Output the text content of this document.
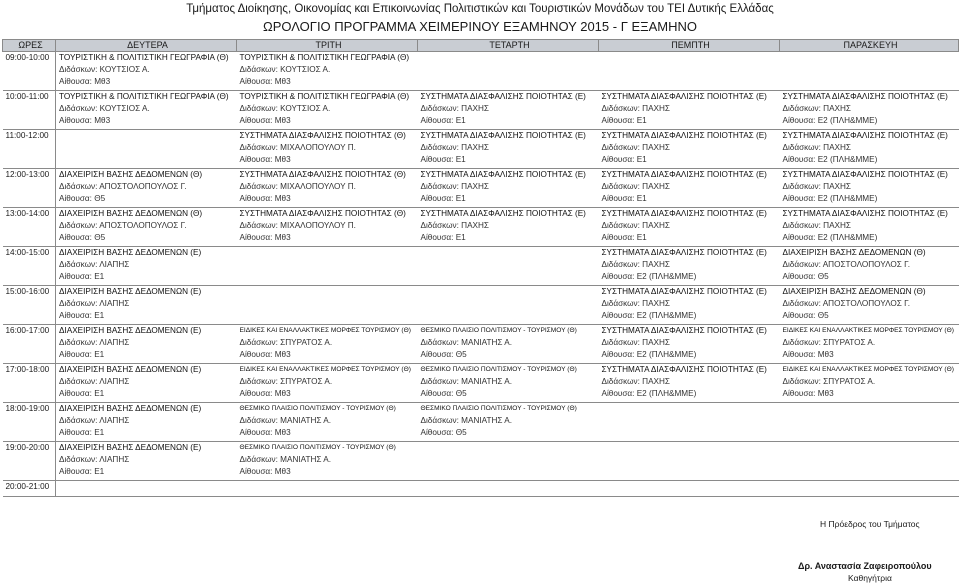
Τμήματος Διοίκησης, Οικονομίας και Επικοινωνίας Πολιτιστικών και Τουριστικών Μονάδων του ΤΕΙ Δυτικής Ελλάδας
ΩΡΟΛΟΓΙΟ ΠΡΟΓΡΑΜΜΑ ΧΕΙΜΕΡΙΝΟΥ ΕΞΑΜΗΝΟΥ 2015 - Γ ΕΞΑΜΗΝΟ
ΩΡΕΣ	ΔΕΥΤΕΡΑ	ΤΡΙΤΗ	ΤΕΤΑΡΤΗ	ΠΕΜΠΤΗ	ΠΑΡΑΣΚΕΥΗ
09:00-10:00	ΤΟΥΡΙΣΤΙΚΗ & ΠΟΛΙΤΙΣΤΙΚΗ ΓΕΩΓΡΑΦΙΑ (Θ)
Διδάσκων: ΚΟΥΤΣΙΟΣ Α.
Αίθουσα: Μθ3	ΤΟΥΡΙΣΤΙΚΗ & ΠΟΛΙΤΙΣΤΙΚΗ ΓΕΩΓΡΑΦΙΑ (Θ)
Διδάσκων: ΚΟΥΤΣΙΟΣ Α.
Αίθουσα: Μθ3			

10:00-11:00	ΤΟΥΡΙΣΤΙΚΗ & ΠΟΛΙΤΙΣΤΙΚΗ ΓΕΩΓΡΑΦΙΑ (Θ)
Διδάσκων: ΚΟΥΤΣΙΟΣ Α.
Αίθουσα: Μθ3	ΤΟΥΡΙΣΤΙΚΗ & ΠΟΛΙΤΙΣΤΙΚΗ ΓΕΩΓΡΑΦΙΑ (Θ)
Διδάσκων: ΚΟΥΤΣΙΟΣ Α.
Αίθουσα: Μθ3	ΣΥΣΤΗΜΑΤΑ ΔΙΑΣΦΑΛΙΣΗΣ ΠΟΙΟΤΗΤΑΣ (Ε)
Διδάσκων: ΠΑΧΗΣ
Αίθουσα: Ε1	ΣΥΣΤΗΜΑΤΑ ΔΙΑΣΦΑΛΙΣΗΣ ΠΟΙΟΤΗΤΑΣ (Ε)
Διδάσκων: ΠΑΧΗΣ
Αίθουσα: Ε1	ΣΥΣΤΗΜΑΤΑ ΔΙΑΣΦΑΛΙΣΗΣ ΠΟΙΟΤΗΤΑΣ (Ε)
Διδάσκων: ΠΑΧΗΣ
Αίθουσα: Ε2 (ΠΛΗ&ΜΜΕ)

11:00-12:00		ΣΥΣΤΗΜΑΤΑ ΔΙΑΣΦΑΛΙΣΗΣ ΠΟΙΟΤΗΤΑΣ (Θ)
Διδάσκων: ΜΙΧΑΛΟΠΟΥΛΟΥ Π.
Αίθουσα: Μθ3	ΣΥΣΤΗΜΑΤΑ ΔΙΑΣΦΑΛΙΣΗΣ ΠΟΙΟΤΗΤΑΣ (Ε)
Διδάσκων: ΠΑΧΗΣ
Αίθουσα: Ε1	ΣΥΣΤΗΜΑΤΑ ΔΙΑΣΦΑΛΙΣΗΣ ΠΟΙΟΤΗΤΑΣ (Ε)
Διδάσκων: ΠΑΧΗΣ
Αίθουσα: Ε1	ΣΥΣΤΗΜΑΤΑ ΔΙΑΣΦΑΛΙΣΗΣ ΠΟΙΟΤΗΤΑΣ (Ε)
Διδάσκων: ΠΑΧΗΣ
Αίθουσα: Ε2 (ΠΛΗ&ΜΜΕ)

12:00-13:00	ΔΙΑΧΕΙΡΙΣΗ ΒΑΣΗΣ ΔΕΔΟΜΕΝΩΝ (Θ)
Διδάσκων: ΑΠΟΣΤΟΛΟΠΟΥΛΟΣ Γ.
Αίθουσα: Θ5	ΣΥΣΤΗΜΑΤΑ ΔΙΑΣΦΑΛΙΣΗΣ ΠΟΙΟΤΗΤΑΣ (Θ)
Διδάσκων: ΜΙΧΑΛΟΠΟΥΛΟΥ Π.
Αίθουσα: Μθ3	ΣΥΣΤΗΜΑΤΑ ΔΙΑΣΦΑΛΙΣΗΣ ΠΟΙΟΤΗΤΑΣ (Ε)
Διδάσκων: ΠΑΧΗΣ
Αίθουσα: Ε1	ΣΥΣΤΗΜΑΤΑ ΔΙΑΣΦΑΛΙΣΗΣ ΠΟΙΟΤΗΤΑΣ (Ε)
Διδάσκων: ΠΑΧΗΣ
Αίθουσα: Ε1	ΣΥΣΤΗΜΑΤΑ ΔΙΑΣΦΑΛΙΣΗΣ ΠΟΙΟΤΗΤΑΣ (Ε)
Διδάσκων: ΠΑΧΗΣ
Αίθουσα: Ε2 (ΠΛΗ&ΜΜΕ)

13:00-14:00	ΔΙΑΧΕΙΡΙΣΗ ΒΑΣΗΣ ΔΕΔΟΜΕΝΩΝ (Θ)
Διδάσκων: ΑΠΟΣΤΟΛΟΠΟΥΛΟΣ Γ.
Αίθουσα: Θ5	ΣΥΣΤΗΜΑΤΑ ΔΙΑΣΦΑΛΙΣΗΣ ΠΟΙΟΤΗΤΑΣ (Θ)
Διδάσκων: ΜΙΧΑΛΟΠΟΥΛΟΥ Π.
Αίθουσα: Μθ3	ΣΥΣΤΗΜΑΤΑ ΔΙΑΣΦΑΛΙΣΗΣ ΠΟΙΟΤΗΤΑΣ (Ε)
Διδάσκων: ΠΑΧΗΣ
Αίθουσα: Ε1	ΣΥΣΤΗΜΑΤΑ ΔΙΑΣΦΑΛΙΣΗΣ ΠΟΙΟΤΗΤΑΣ (Ε)
Διδάσκων: ΠΑΧΗΣ
Αίθουσα: Ε1	ΣΥΣΤΗΜΑΤΑ ΔΙΑΣΦΑΛΙΣΗΣ ΠΟΙΟΤΗΤΑΣ (Ε)
Διδάσκων: ΠΑΧΗΣ
Αίθουσα: Ε2 (ΠΛΗ&ΜΜΕ)

14:00-15:00	ΔΙΑΧΕΙΡΙΣΗ ΒΑΣΗΣ ΔΕΔΟΜΕΝΩΝ (Ε)
Διδάσκων: ΛΙΑΠΗΣ
Αίθουσα: Ε1			ΣΥΣΤΗΜΑΤΑ ΔΙΑΣΦΑΛΙΣΗΣ ΠΟΙΟΤΗΤΑΣ (Ε)
Διδάσκων: ΠΑΧΗΣ
Αίθουσα: Ε2 (ΠΛΗ&ΜΜΕ)	ΔΙΑΧΕΙΡΙΣΗ ΒΑΣΗΣ ΔΕΔΟΜΕΝΩΝ (Θ)
Διδάσκων: ΑΠΟΣΤΟΛΟΠΟΥΛΟΣ Γ.
Αίθουσα: Θ5

15:00-16:00	ΔΙΑΧΕΙΡΙΣΗ ΒΑΣΗΣ ΔΕΔΟΜΕΝΩΝ (Ε)
Διδάσκων: ΛΙΑΠΗΣ
Αίθουσα: Ε1			ΣΥΣΤΗΜΑΤΑ ΔΙΑΣΦΑΛΙΣΗΣ ΠΟΙΟΤΗΤΑΣ (Ε)
Διδάσκων: ΠΑΧΗΣ
Αίθουσα: Ε2 (ΠΛΗ&ΜΜΕ)	ΔΙΑΧΕΙΡΙΣΗ ΒΑΣΗΣ ΔΕΔΟΜΕΝΩΝ (Θ)
Διδάσκων: ΑΠΟΣΤΟΛΟΠΟΥΛΟΣ Γ.
Αίθουσα: Θ5

16:00-17:00	ΔΙΑΧΕΙΡΙΣΗ ΒΑΣΗΣ ΔΕΔΟΜΕΝΩΝ (Ε)
Διδάσκων: ΛΙΑΠΗΣ
Αίθουσα: Ε1	ΕΙΔΙΚΕΣ ΚΑΙ ΕΝΑΛΛΑΚΤΙΚΕΣ ΜΟΡΦΕΣ ΤΟΥΡΙΣΜΟΥ (Θ)
Διδάσκων: ΣΠΥΡΑΤΟΣ Α.
Αίθουσα: Μθ3	ΘΕΣΜΙΚΟ ΠΛΑΙΣΙΟ ΠΟΛΙΤΙΣΜΟΥ - ΤΟΥΡΙΣΜΟΥ (Θ)
Διδάσκων: ΜΑΝΙΑΤΗΣ Α.
Αίθουσα: Θ5	ΣΥΣΤΗΜΑΤΑ ΔΙΑΣΦΑΛΙΣΗΣ ΠΟΙΟΤΗΤΑΣ (Ε)
Διδάσκων: ΠΑΧΗΣ
Αίθουσα: Ε2 (ΠΛΗ&ΜΜΕ)	ΕΙΔΙΚΕΣ ΚΑΙ ΕΝΑΛΛΑΚΤΙΚΕΣ ΜΟΡΦΕΣ ΤΟΥΡΙΣΜΟΥ (Θ)
Διδάσκων: ΣΠΥΡΑΤΟΣ Α.
Αίθουσα: Μθ3

17:00-18:00	ΔΙΑΧΕΙΡΙΣΗ ΒΑΣΗΣ ΔΕΔΟΜΕΝΩΝ (Ε)
Διδάσκων: ΛΙΑΠΗΣ
Αίθουσα: Ε1	ΕΙΔΙΚΕΣ ΚΑΙ ΕΝΑΛΛΑΚΤΙΚΕΣ ΜΟΡΦΕΣ ΤΟΥΡΙΣΜΟΥ (Θ)
Διδάσκων: ΣΠΥΡΑΤΟΣ Α.
Αίθουσα: Μθ3	ΘΕΣΜΙΚΟ ΠΛΑΙΣΙΟ ΠΟΛΙΤΙΣΜΟΥ - ΤΟΥΡΙΣΜΟΥ (Θ)
Διδάσκων: ΜΑΝΙΑΤΗΣ Α.
Αίθουσα: Θ5	ΣΥΣΤΗΜΑΤΑ ΔΙΑΣΦΑΛΙΣΗΣ ΠΟΙΟΤΗΤΑΣ (Ε)
Διδάσκων: ΠΑΧΗΣ
Αίθουσα: Ε2 (ΠΛΗ&ΜΜΕ)	ΕΙΔΙΚΕΣ ΚΑΙ ΕΝΑΛΛΑΚΤΙΚΕΣ ΜΟΡΦΕΣ ΤΟΥΡΙΣΜΟΥ (Θ)
Διδάσκων: ΣΠΥΡΑΤΟΣ Α.
Αίθουσα: Μθ3

18:00-19:00	ΔΙΑΧΕΙΡΙΣΗ ΒΑΣΗΣ ΔΕΔΟΜΕΝΩΝ (Ε)
Διδάσκων: ΛΙΑΠΗΣ
Αίθουσα: Ε1	ΘΕΣΜΙΚΟ ΠΛΑΙΣΙΟ ΠΟΛΙΤΙΣΜΟΥ - ΤΟΥΡΙΣΜΟΥ (Θ)
Διδάσκων: ΜΑΝΙΑΤΗΣ Α.
Αίθουσα: Μθ3	ΘΕΣΜΙΚΟ ΠΛΑΙΣΙΟ ΠΟΛΙΤΙΣΜΟΥ - ΤΟΥΡΙΣΜΟΥ (Θ)
Διδάσκων: ΜΑΝΙΑΤΗΣ Α.
Αίθουσα: Θ5		

19:00-20:00	ΔΙΑΧΕΙΡΙΣΗ ΒΑΣΗΣ ΔΕΔΟΜΕΝΩΝ (Ε)
Διδάσκων: ΛΙΑΠΗΣ
Αίθουσα: Ε1	ΘΕΣΜΙΚΟ ΠΛΑΙΣΙΟ ΠΟΛΙΤΙΣΜΟΥ - ΤΟΥΡΙΣΜΟΥ (Θ)
Διδάσκων: ΜΑΝΙΑΤΗΣ Α.
Αίθουσα: Μθ3			

20:00-21:00	

Η Πρόεδρος του Τμήματος
Δρ. Αναστασία Ζαφειροπούλου
Καθηγήτρια
